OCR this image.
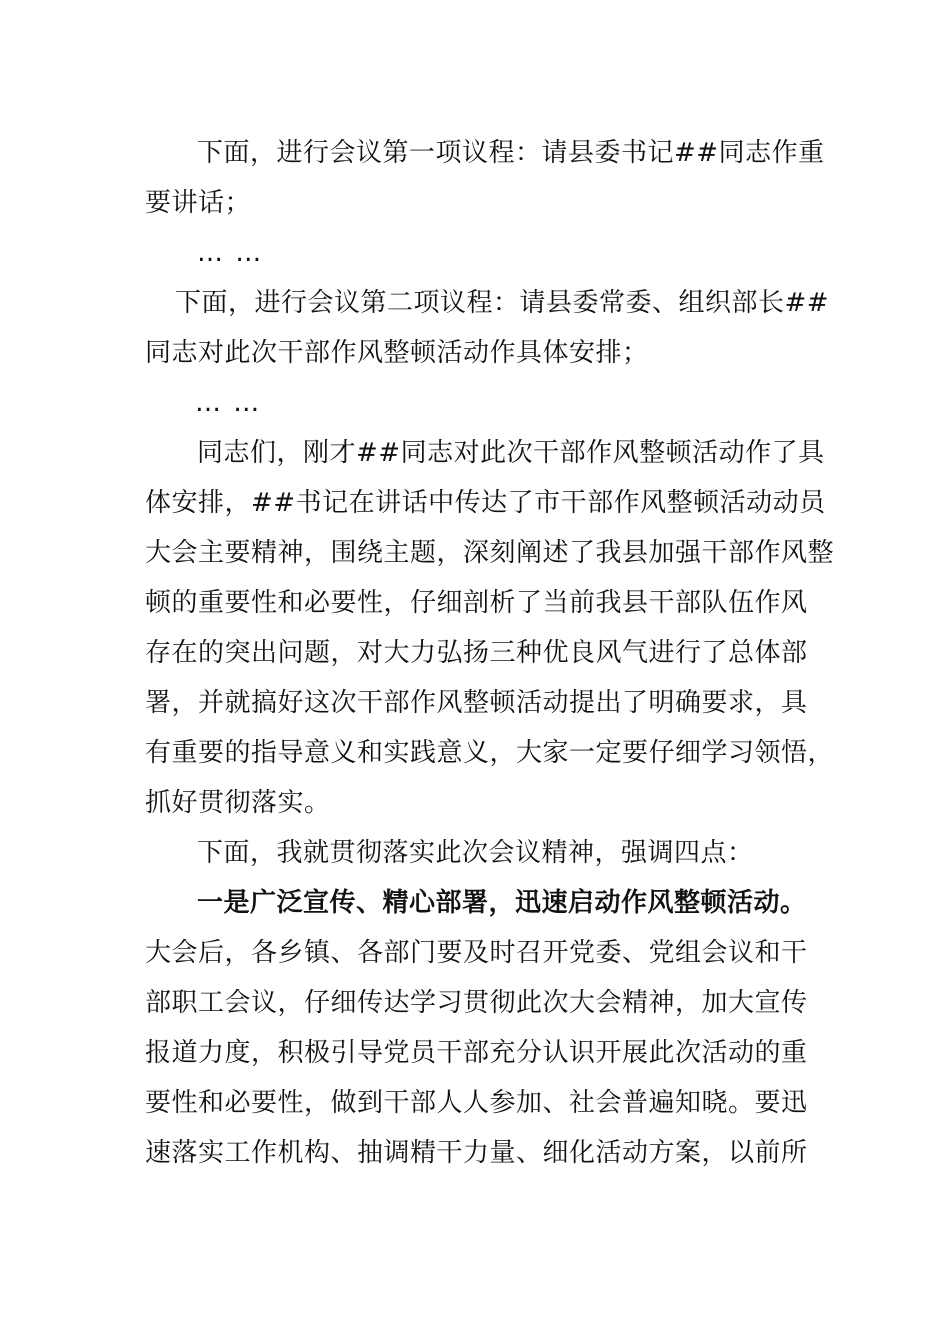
下面，进行会议第一项议程：请县委书记##同志作重
要讲话；
… …
下面，进行会议第二项议程：请县委常委、组织部长##
同志对此次干部作风整顿活动作具体安排；
… …
同志们，刚才##同志对此次干部作风整顿活动作了具
体安排，##书记在讲话中传达了市干部作风整顿活动动员
大会主要精神，围绕主题，深刻阐述了我县加强干部作风整
顿的重要性和必要性，仔细剖析了当前我县干部队伍作风
存在的突出问题，对大力弘扬三种优良风气进行了总体部
署，并就搞好这次干部作风整顿活动提出了明确要求，具
有重要的指导意义和实践意义，大家一定要仔细学习领悟，
抓好贯彻落实。
下面，我就贯彻落实此次会议精神，强调四点：
一是广泛宣传、精心部署，迅速启动作风整顿活动。
大会后，各乡镇、各部门要及时召开党委、党组会议和干
部职工会议，仔细传达学习贯彻此次大会精神，加大宣传
报道力度，积极引导党员干部充分认识开展此次活动的重
要性和必要性，做到干部人人参加、社会普遍知晓。要迅
速落实工作机构、抽调精干力量、细化活动方案，以前所
